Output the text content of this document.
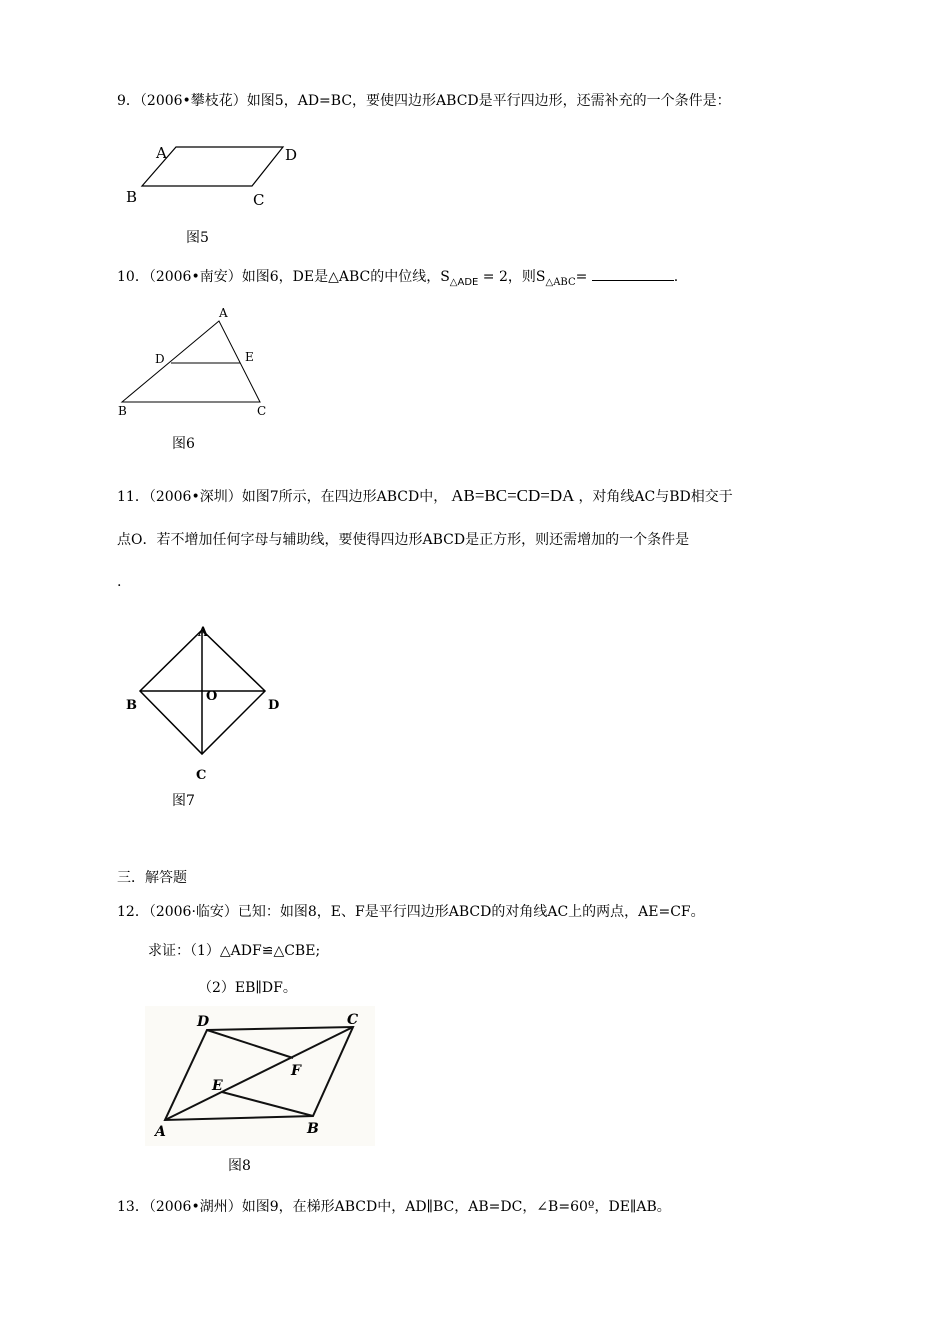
9．（2006•攀枝花）如图5，AD=BC，要使四边形ABCD是平行四边形，还需补充的一个条件是：
A	D
B	C
图5
10．（2006•南安）如图6，DE是△ABC的中位线，$S_{\triangle ADE} = 2$，则$S_{\triangle ABC}=$	.
A
D	E
B	C
图6
11．（2006•深圳）如图7所示，在四边形ABCD中， AB=BC=CD=DA ，对角线AC与BD相交于
点O．若不增加任何字母与辅助线，要使得四边形ABCD是正方形，则还需增加的一个条件是
.
A
B
O
D
C
图7
三．解答题
12．（2006·临安）已知：如图8，E、F是平行四边形ABCD的对角线AC上的两点，AE=CF。
求证：（1）△ADF≌△CBE;
（2）EB∥DF。
D	C
F
E
A	B
图8
13．（2006•湖州）如图9，在梯形ABCD中，AD∥BC，AB=DC，∠B=60º，DE∥AB。
